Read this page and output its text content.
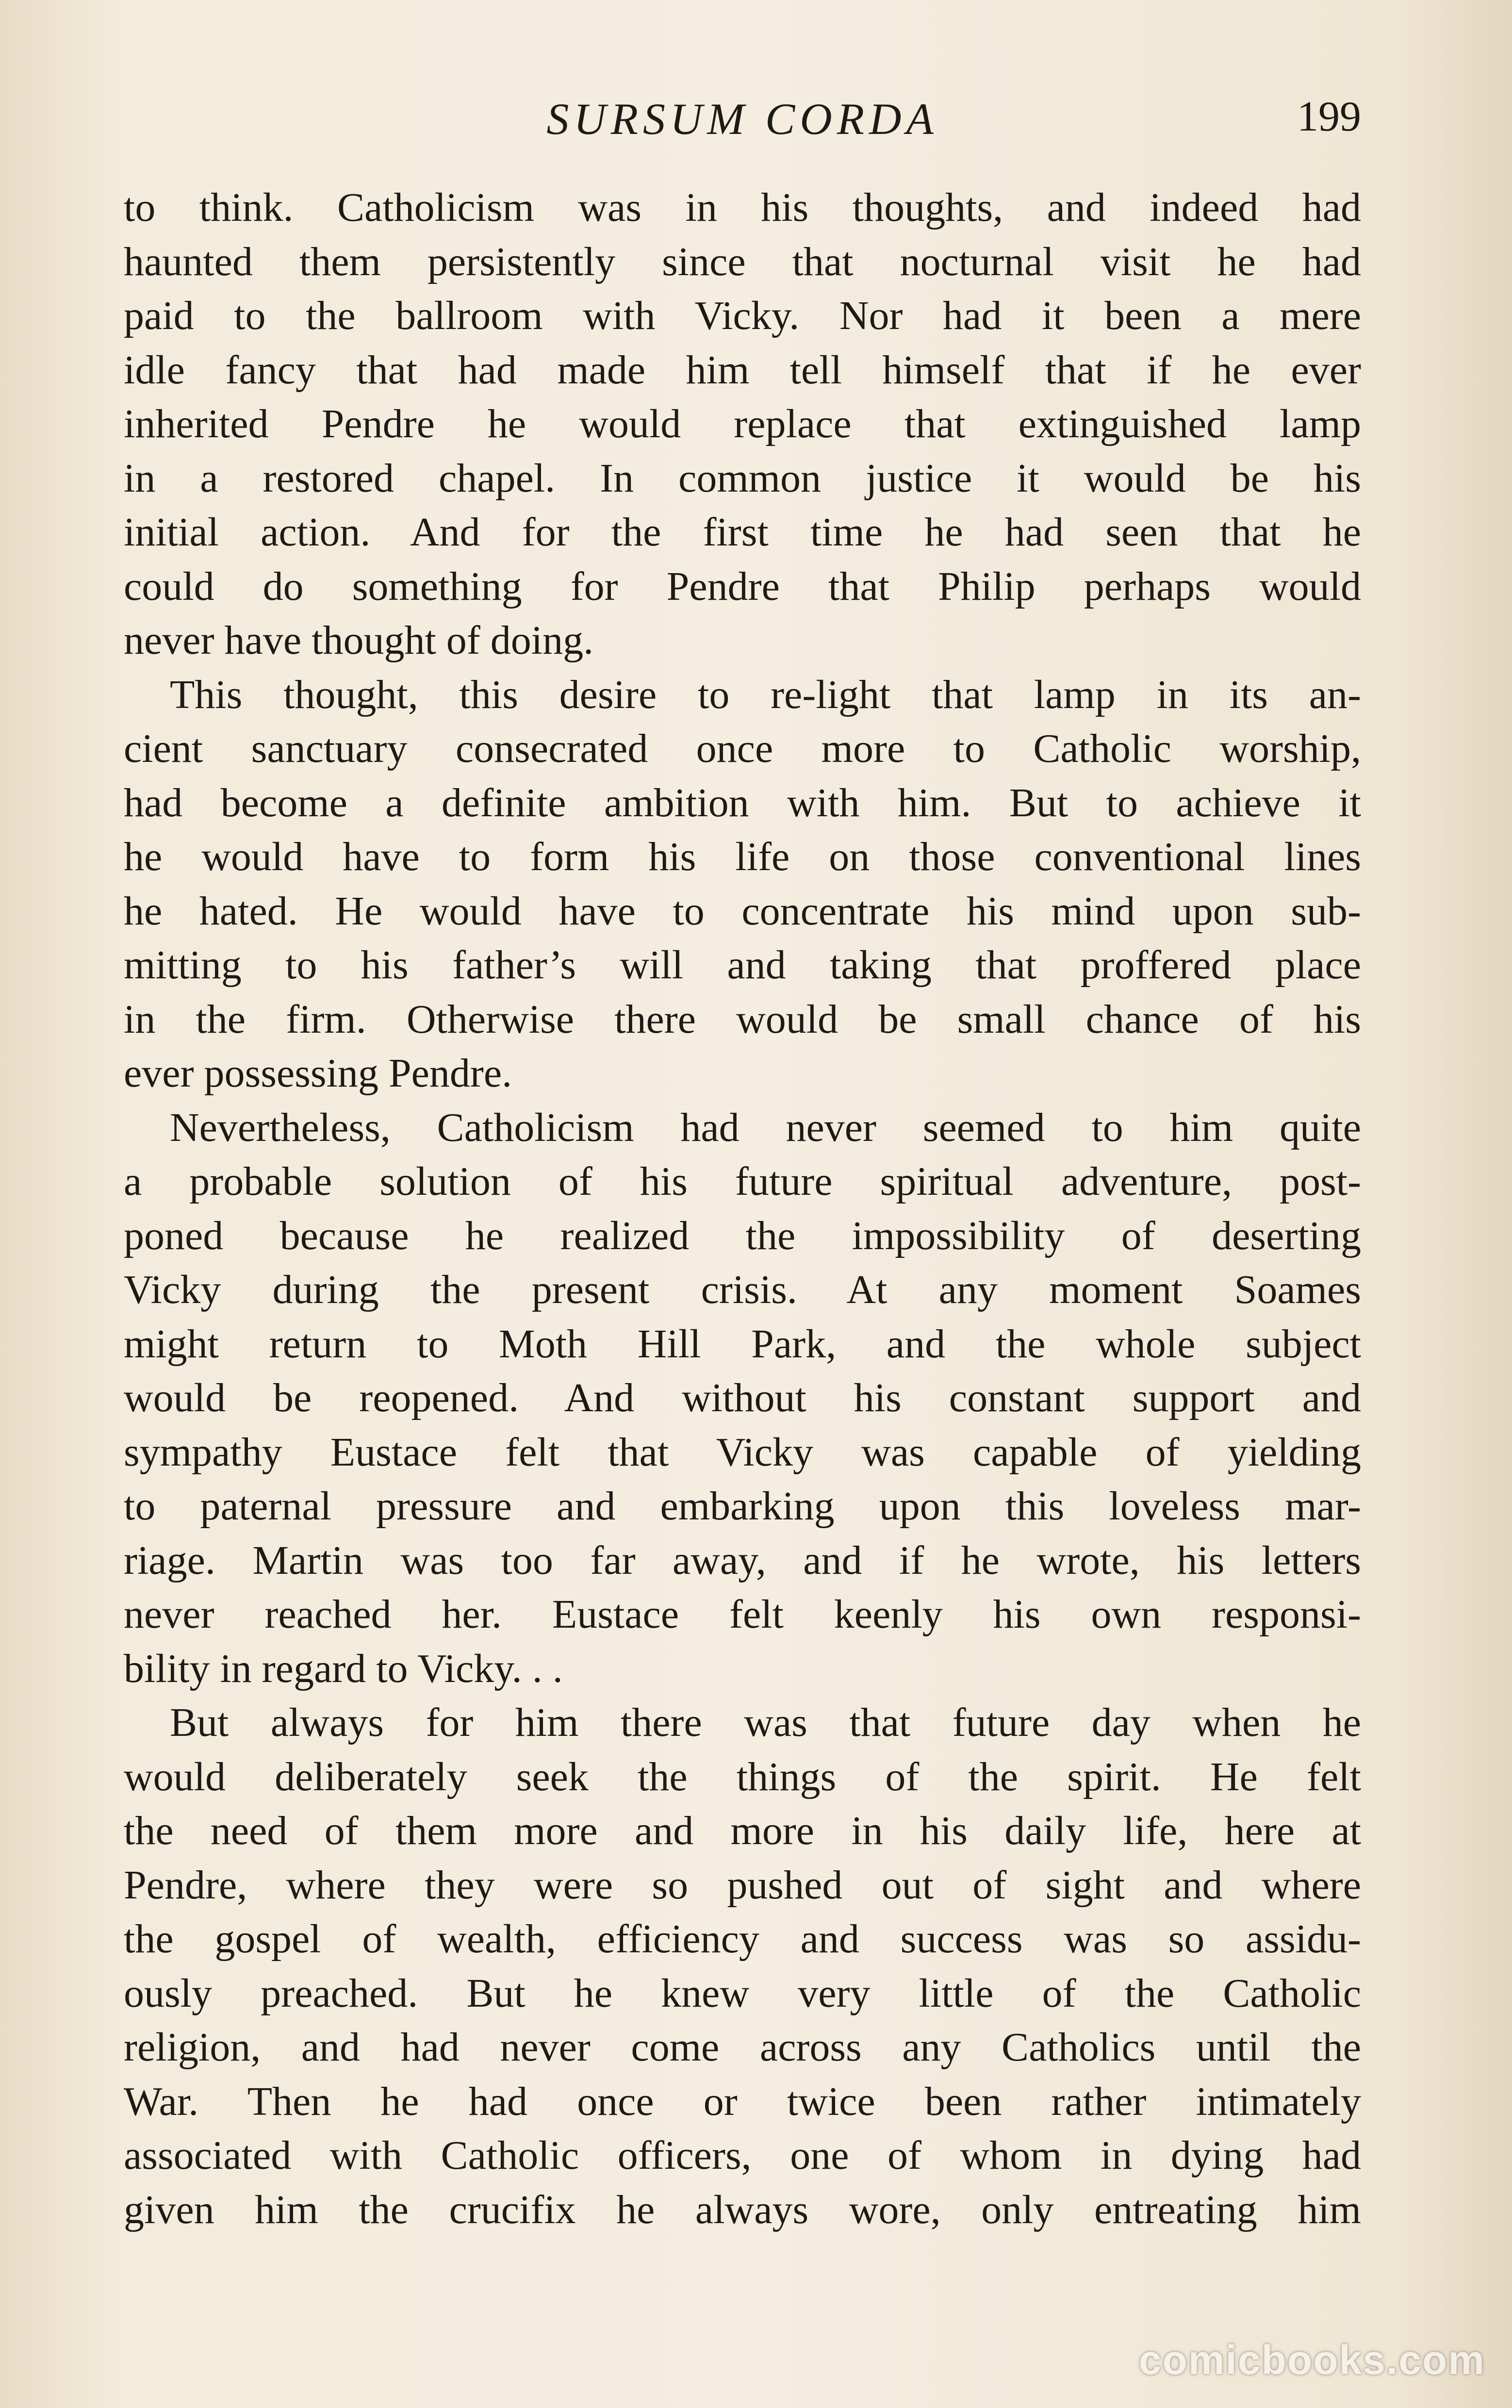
SURSUM CORDA	199
to think. Catholicism was in his thoughts, and indeed had
haunted them persistently since that nocturnal visit he had
paid to the ballroom with Vicky. Nor had it been a mere
idle fancy that had made him tell himself that if he ever
inherited Pendre he would replace that extinguished lamp
in a restored chapel. In common justice it would be his
initial action. And for the first time he had seen that he
could do something for Pendre that Philip perhaps would
never have thought of doing.
This thought, this desire to re-light that lamp in its an-
cient sanctuary consecrated once more to Catholic worship,
had become a definite ambition with him. But to achieve it
he would have to form his life on those conventional lines
he hated. He would have to concentrate his mind upon sub-
mitting to his father’s will and taking that proffered place
in the firm. Otherwise there would be small chance of his
ever possessing Pendre.
Nevertheless, Catholicism had never seemed to him quite
a probable solution of his future spiritual adventure, post-
poned because he realized the impossibility of deserting
Vicky during the present crisis. At any moment Soames
might return to Moth Hill Park, and the whole subject
would be reopened. And without his constant support and
sympathy Eustace felt that Vicky was capable of yielding
to paternal pressure and embarking upon this loveless mar-
riage. Martin was too far away, and if he wrote, his letters
never reached her. Eustace felt keenly his own responsi-
bility in regard to Vicky. . .
But always for him there was that future day when he
would deliberately seek the things of the spirit. He felt
the need of them more and more in his daily life, here at
Pendre, where they were so pushed out of sight and where
the gospel of wealth, efficiency and success was so assidu-
ously preached. But he knew very little of the Catholic
religion, and had never come across any Catholics until the
War. Then he had once or twice been rather intimately
associated with Catholic officers, one of whom in dying had
given him the crucifix he always wore, only entreating him
comicbooks.com
